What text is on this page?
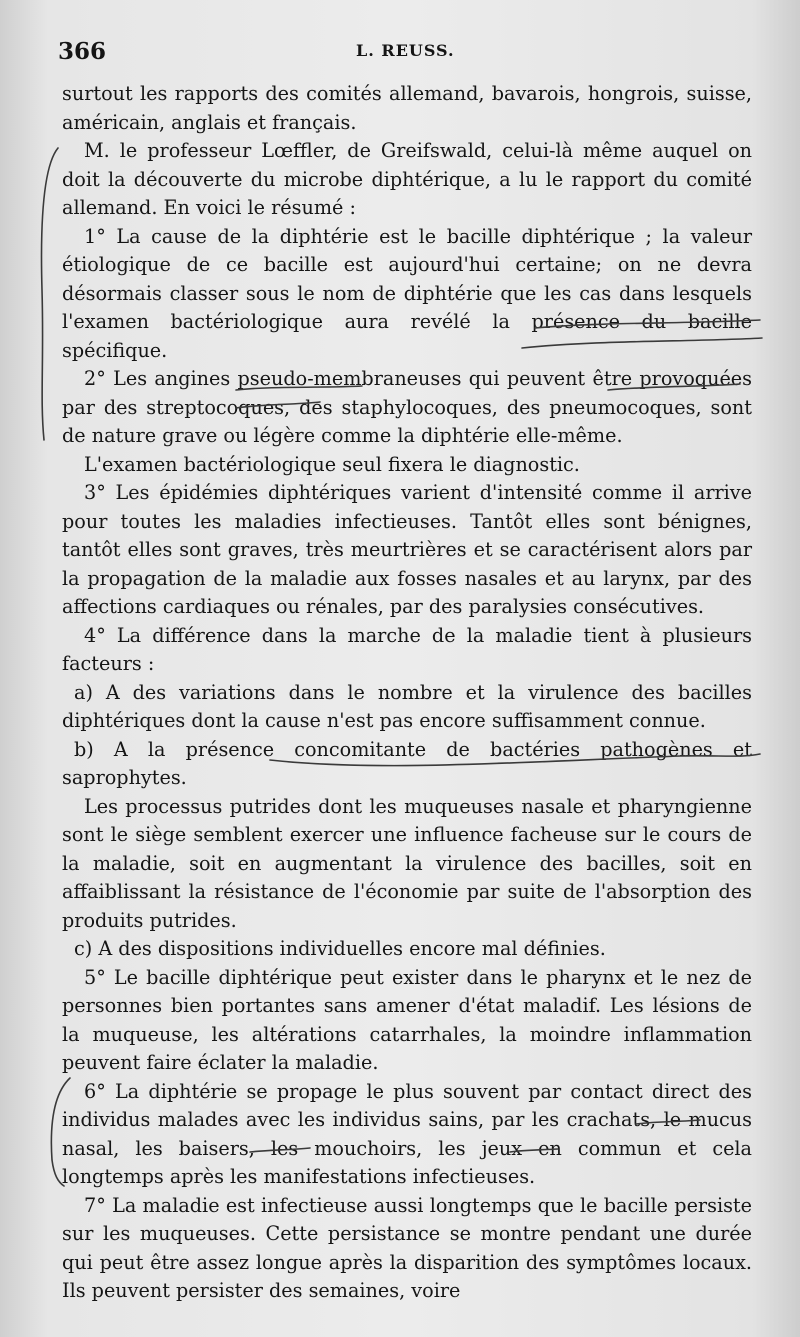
366	L. REUSS.

surtout les rapports des comités allemand, bavarois, hongrois, suisse, américain, anglais et français.

M. le professeur Lœffler, de Greifswald, celui-là même auquel on doit la découverte du microbe diphtérique, a lu le rapport du comité allemand. En voici le résumé :

1° La cause de la diphtérie est le bacille diphtérique ; la valeur étiologique de ce bacille est aujourd'hui certaine; on ne devra désormais classer sous le nom de diphtérie que les cas dans lesquels l'examen bactériologique aura revélé la présence du bacille spécifique.

2° Les angines pseudo-membraneuses qui peuvent être provoquées par des streptocoques, des staphylocoques, des pneumocoques, sont de nature grave ou légère comme la diphtérie elle-même.

L'examen bactériologique seul fixera le diagnostic.

3° Les épidémies diphtériques varient d'intensité comme il arrive pour toutes les maladies infectieuses. Tantôt elles sont bénignes, tantôt elles sont graves, très meurtrières et se caractérisent alors par la propagation de la maladie aux fosses nasales et au larynx, par des affections cardiaques ou rénales, par des paralysies consécutives.

4° La différence dans la marche de la maladie tient à plusieurs facteurs :

a) A des variations dans le nombre et la virulence des bacilles diphtériques dont la cause n'est pas encore suffisamment connue.

b) A la présence concomitante de bactéries pathogènes et saprophytes.

Les processus putrides dont les muqueuses nasale et pharyngienne sont le siège semblent exercer une influence facheuse sur le cours de la maladie, soit en augmentant la virulence des bacilles, soit en affaiblissant la résistance de l'économie par suite de l'absorption des produits putrides.

c) A des dispositions individuelles encore mal définies.

5° Le bacille diphtérique peut exister dans le pharynx et le nez de personnes bien portantes sans amener d'état maladif. Les lésions de la muqueuse, les altérations catarrhales, la moindre inflammation peuvent faire éclater la maladie.

6° La diphtérie se propage le plus souvent par contact direct des individus malades avec les individus sains, par les crachats, le mucus nasal, les baisers, les mouchoirs, les jeux en commun et cela longtemps après les manifestations infectieuses.

7° La maladie est infectieuse aussi longtemps que le bacille persiste sur les muqueuses. Cette persistance se montre pendant une durée qui peut être assez longue après la disparition des symptômes locaux. Ils peuvent persister des semaines, voire
